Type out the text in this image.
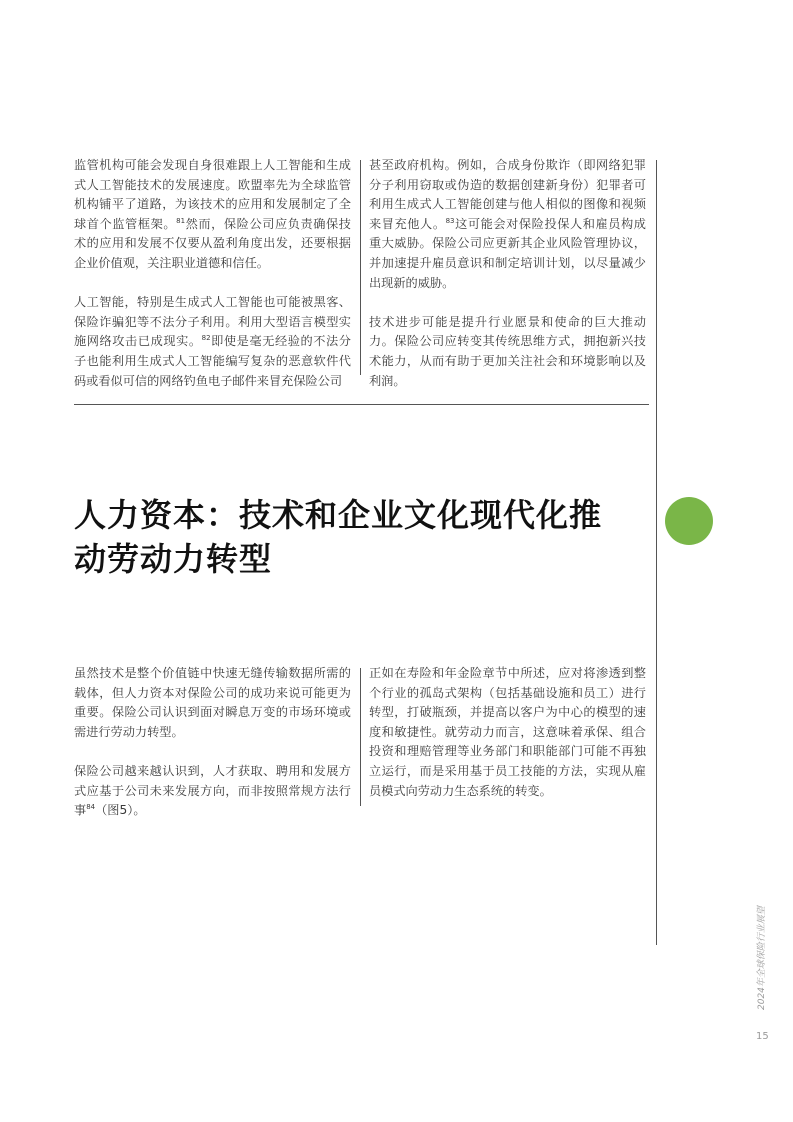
监管机构可能会发现自身很难跟上人工智能和生成式人工智能技术的发展速度。欧盟率先为全球监管机构铺平了道路，为该技术的应用和发展制定了全球首个监管框架。$^{81}$然而，保险公司应负责确保技术的应用和发展不仅要从盈利角度出发，还要根据企业价值观，关注职业道德和信任。

人工智能，特别是生成式人工智能也可能被黑客、保险诈骗犯等不法分子利用。利用大型语言模型实施网络攻击已成现实。$^{82}$即使是毫无经验的不法分子也能利用生成式人工智能编写复杂的恶意软件代码或看似可信的网络钓鱼电子邮件来冒充保险公司

甚至政府机构。例如，合成身份欺诈（即网络犯罪分子利用窃取或伪造的数据创建新身份）犯罪者可利用生成式人工智能创建与他人相似的图像和视频来冒充他人。$^{83}$这可能会对保险投保人和雇员构成重大威胁。保险公司应更新其企业风险管理协议，并加速提升雇员意识和制定培训计划，以尽量减少出现新的威胁。

技术进步可能是提升行业愿景和使命的巨大推动力。保险公司应转变其传统思维方式，拥抱新兴技术能力，从而有助于更加关注社会和环境影响以及利润。

人力资本：技术和企业文化现代化推动劳动力转型

虽然技术是整个价值链中快速无缝传输数据所需的载体，但人力资本对保险公司的成功来说可能更为重要。保险公司认识到面对瞬息万变的市场环境或需进行劳动力转型。

保险公司越来越认识到，人才获取、聘用和发展方式应基于公司未来发展方向，而非按照常规方法行事$^{84}$（图5）。

正如在寿险和年金险章节中所述，应对将渗透到整个行业的孤岛式架构（包括基础设施和员工）进行转型，打破瓶颈，并提高以客户为中心的模型的速度和敏捷性。就劳动力而言，这意味着承保、组合投资和理赔管理等业务部门和职能部门可能不再独立运行，而是采用基于员工技能的方法，实现从雇员模式向劳动力生态系统的转变。

2024年全球保险行业展望
15
